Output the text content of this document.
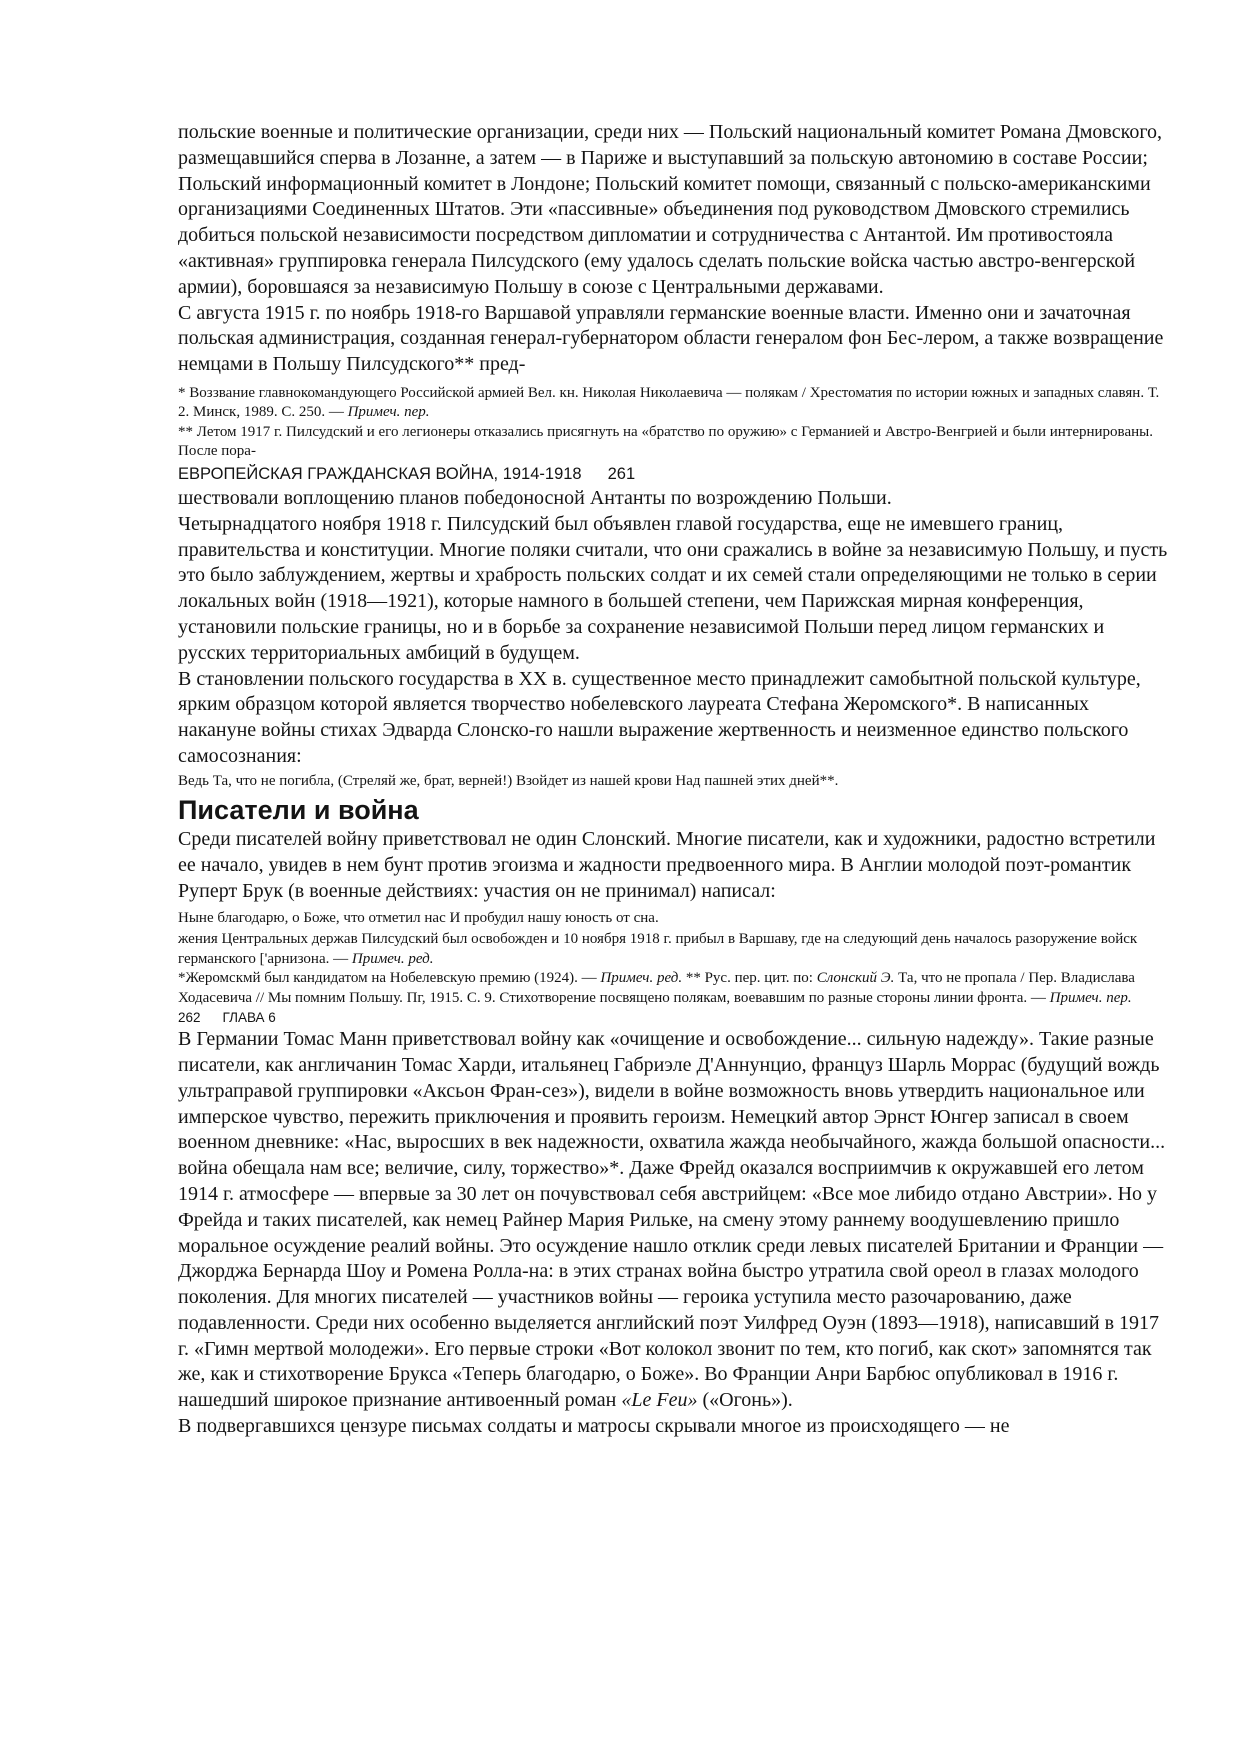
польские военные и политические организации, среди них — Польский национальный комитет Романа Дмовского, размещавшийся сперва в Лозанне, а затем — в Париже и выступавший за польскую автономию в составе России; Польский информационный комитет в Лондоне; Польский комитет помощи, связанный с польско-американскими организациями Соединенных Штатов. Эти «пассивные» объединения под руководством Дмовского стремились добиться польской независимости посредством дипломатии и сотрудничества с Антантой. Им противостояла «активная» группировка генерала Пилсудского (ему удалось сделать польские войска частью австро-венгерской армии), боровшаяся за независимую Польшу в союзе с Центральными державами.

С августа 1915 г. по ноябрь 1918-го Варшавой управляли германские военные власти. Именно они и зачаточная польская администрация, созданная генерал-губернатором области генералом фон Бес-лером, а также возвращение немцами в Польшу Пилсудского** пред-

* Воззвание главнокомандующего Российской армией Вел. кн. Николая Николаевича — полякам / Хрестоматия по истории южных и западных славян. Т. 2. Минск, 1989. С. 250. — Примеч. пер.

** Летом 1917 г. Пилсудский и его легионеры отказались присягнуть на «братство по оружию» с Германией и Австро-Венгрией и были интернированы. После пора-

ЕВРОПЕЙСКАЯ ГРАЖДАНСКАЯ ВОЙНА, 1914-1918 261

шествовали воплощению планов победоносной Антанты по возрождению Польши.

Четырнадцатого ноября 1918 г. Пилсудский был объявлен главой государства, еще не имевшего границ, правительства и конституции. Многие поляки считали, что они сражались в войне за независимую Польшу, и пусть это было заблуждением, жертвы и храбрость польских солдат и их семей стали определяющими не только в серии локальных войн (1918—1921), которые намного в большей степени, чем Парижская мирная конференция, установили польские границы, но и в борьбе за сохранение независимой Польши перед лицом германских и русских территориальных амбиций в будущем.

В становлении польского государства в XX в. существенное место принадлежит самобытной польской культуре, ярким образцом которой является творчество нобелевского лауреата Стефана Жеромского*. В написанных накануне войны стихах Эдварда Слонско-го нашли выражение жертвенность и неизменное единство польского самосознания:

Ведь Та, что не погибла, (Стреляй же, брат, верней!) Взойдет из нашей крови Над пашней этих дней**.

Писатели и война

Среди писателей войну приветствовал не один Слонский. Многие писатели, как и художники, радостно встретили ее начало, увидев в нем бунт против эгоизма и жадности предвоенного мира. В Англии молодой поэт-романтик Руперт Брук (в военные действиях: участия он не принимал) написал:

Ныне благодарю, о Боже, что отметил нас И пробудил нашу юность от сна.

жения Центральных держав Пилсудский был освобожден и 10 ноября 1918 г. прибыл в Варшаву, где на следующий день началось разоружение войск германского ['арнизона. — Примеч. ред.

*Жеромскмй был кандидатом на Нобелевскую премию (1924). — Примеч. ред. ** Рус. пер. цит. по: Слонский Э. Та, что не пропала / Пер. Владислава Ходасевича // Мы помним Польшу. Пг, 1915. С. 9. Стихотворение посвящено полякам, воевавшим по разные стороны линии фронта. — Примеч. пер.

262 ГЛАВА 6

В Германии Томас Манн приветствовал войну как «очищение и освобождение... сильную надежду». Такие разные писатели, как англичанин Томас Харди, итальянец Габриэле Д'Аннунцио, француз Шарль Моррас (будущий вождь ультраправой группировки «Аксьон Фран-сез»), видели в войне возможность вновь утвердить национальное или имперское чувство, пережить приключения и проявить героизм. Немецкий автор Эрнст Юнгер записал в своем военном дневнике: «Нас, выросших в век надежности, охватила жажда необычайного, жажда большой опасности... война обещала нам все; величие, силу, торжество»*. Даже Фрейд оказался восприимчив к окружавшей его летом 1914 г. атмосфере — впервые за 30 лет он почувствовал себя австрийцем: «Все мое либидо отдано Австрии». Но у Фрейда и таких писателей, как немец Райнер Мария Рильке, на смену этому раннему воодушевлению пришло моральное осуждение реалий войны. Это осуждение нашло отклик среди левых писателей Британии и Франции — Джорджа Бернарда Шоу и Ромена Ролла-на: в этих странах война быстро утратила свой ореол в глазах молодого поколения. Для многих писателей — участников войны — героика уступила место разочарованию, даже подавленности. Среди них особенно выделяется английский поэт Уилфред Оуэн (1893—1918), написавший в 1917 г. «Гимн мертвой молодежи». Его первые строки «Вот колокол звонит по тем, кто погиб, как скот» запомнятся так же, как и стихотворение Брукса «Теперь благодарю, о Боже». Во Франции Анри Барбюс опубликовал в 1916 г. нашедший широкое признание антивоенный роман «Le Feu» («Огонь»).

В подвергавшихся цензуре письмах солдаты и матросы скрывали многое из происходящего — не
